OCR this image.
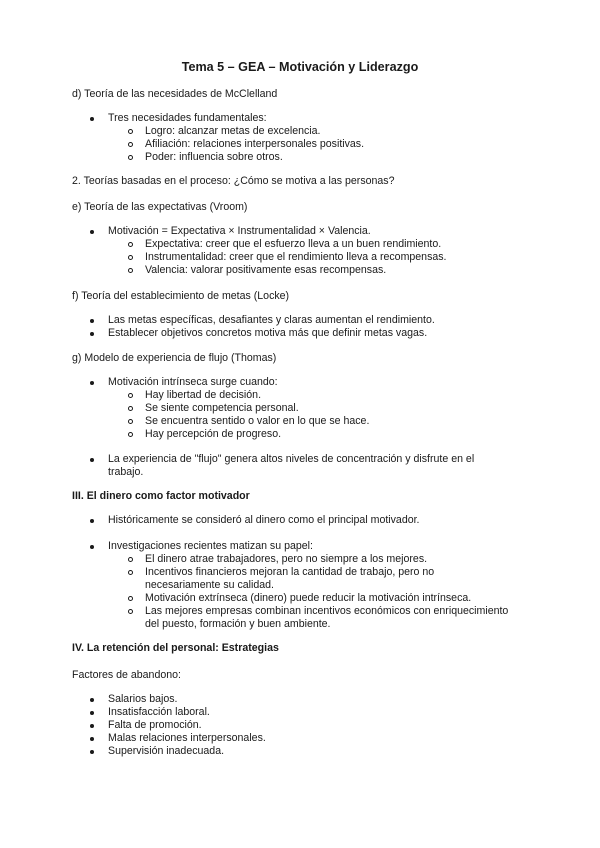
Tema 5 – GEA – Motivación y Liderazgo
d) Teoría de las necesidades de McClelland
Tres necesidades fundamentales:
Logro: alcanzar metas de excelencia.
Afiliación: relaciones interpersonales positivas.
Poder: influencia sobre otros.
2. Teorías basadas en el proceso: ¿Cómo se motiva a las personas?
e) Teoría de las expectativas (Vroom)
Motivación = Expectativa × Instrumentalidad × Valencia.
Expectativa: creer que el esfuerzo lleva a un buen rendimiento.
Instrumentalidad: creer que el rendimiento lleva a recompensas.
Valencia: valorar positivamente esas recompensas.
f) Teoría del establecimiento de metas (Locke)
Las metas específicas, desafiantes y claras aumentan el rendimiento.
Establecer objetivos concretos motiva más que definir metas vagas.
g) Modelo de experiencia de flujo (Thomas)
Motivación intrínseca surge cuando:
Hay libertad de decisión.
Se siente competencia personal.
Se encuentra sentido o valor en lo que se hace.
Hay percepción de progreso.
La experiencia de "flujo" genera altos niveles de concentración y disfrute en el
trabajo.
III. El dinero como factor motivador
Históricamente se consideró al dinero como el principal motivador.
Investigaciones recientes matizan su papel:
El dinero atrae trabajadores, pero no siempre a los mejores.
Incentivos financieros mejoran la cantidad de trabajo, pero no
necesariamente su calidad.
Motivación extrínseca (dinero) puede reducir la motivación intrínseca.
Las mejores empresas combinan incentivos económicos con enriquecimiento
del puesto, formación y buen ambiente.
IV. La retención del personal: Estrategias
Factores de abandono:
Salarios bajos.
Insatisfacción laboral.
Falta de promoción.
Malas relaciones interpersonales.
Supervisión inadecuada.
